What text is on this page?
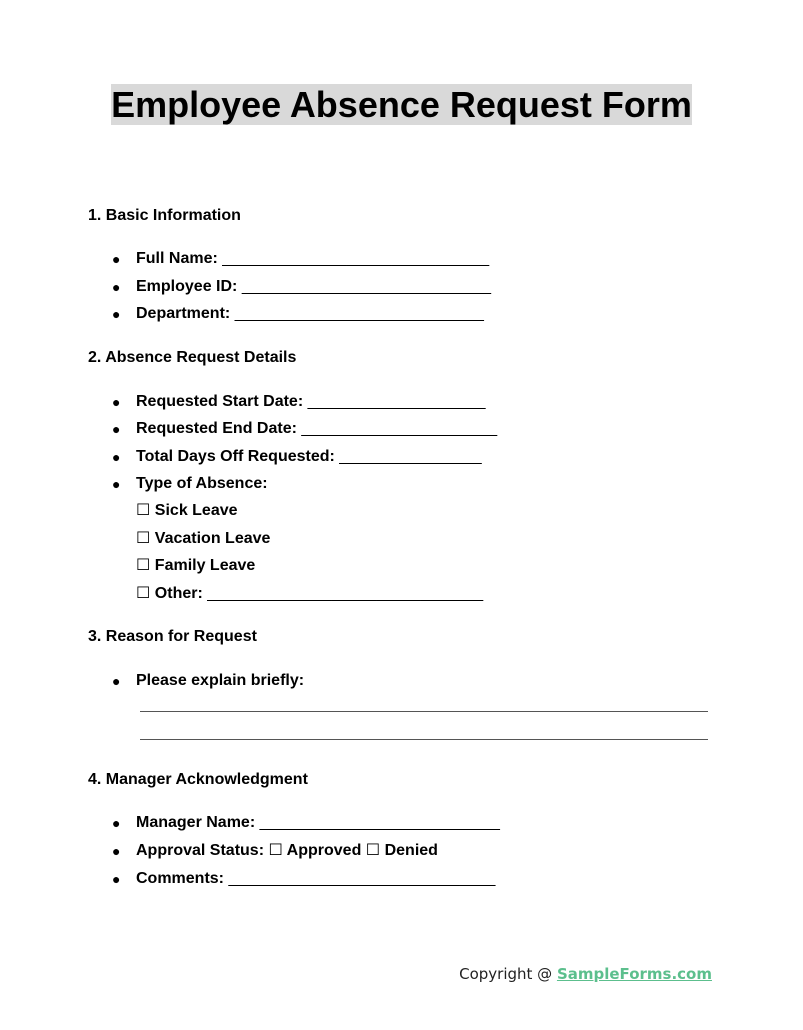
Employee Absence Request Form
1. Basic Information
● Full Name: ______________________________
● Employee ID: ____________________________
● Department: ____________________________
2. Absence Request Details
● Requested Start Date: ____________________
● Requested End Date: ______________________
● Total Days Off Requested: ________________
● Type of Absence:
☐ Sick Leave
☐ Vacation Leave
☐ Family Leave
☐ Other: _______________________________
3. Reason for Request
● Please explain briefly:
4. Manager Acknowledgment
● Manager Name: ___________________________
● Approval Status: ☐ Approved ☐ Denied
● Comments: ______________________________
Copyright @ SampleForms.com
